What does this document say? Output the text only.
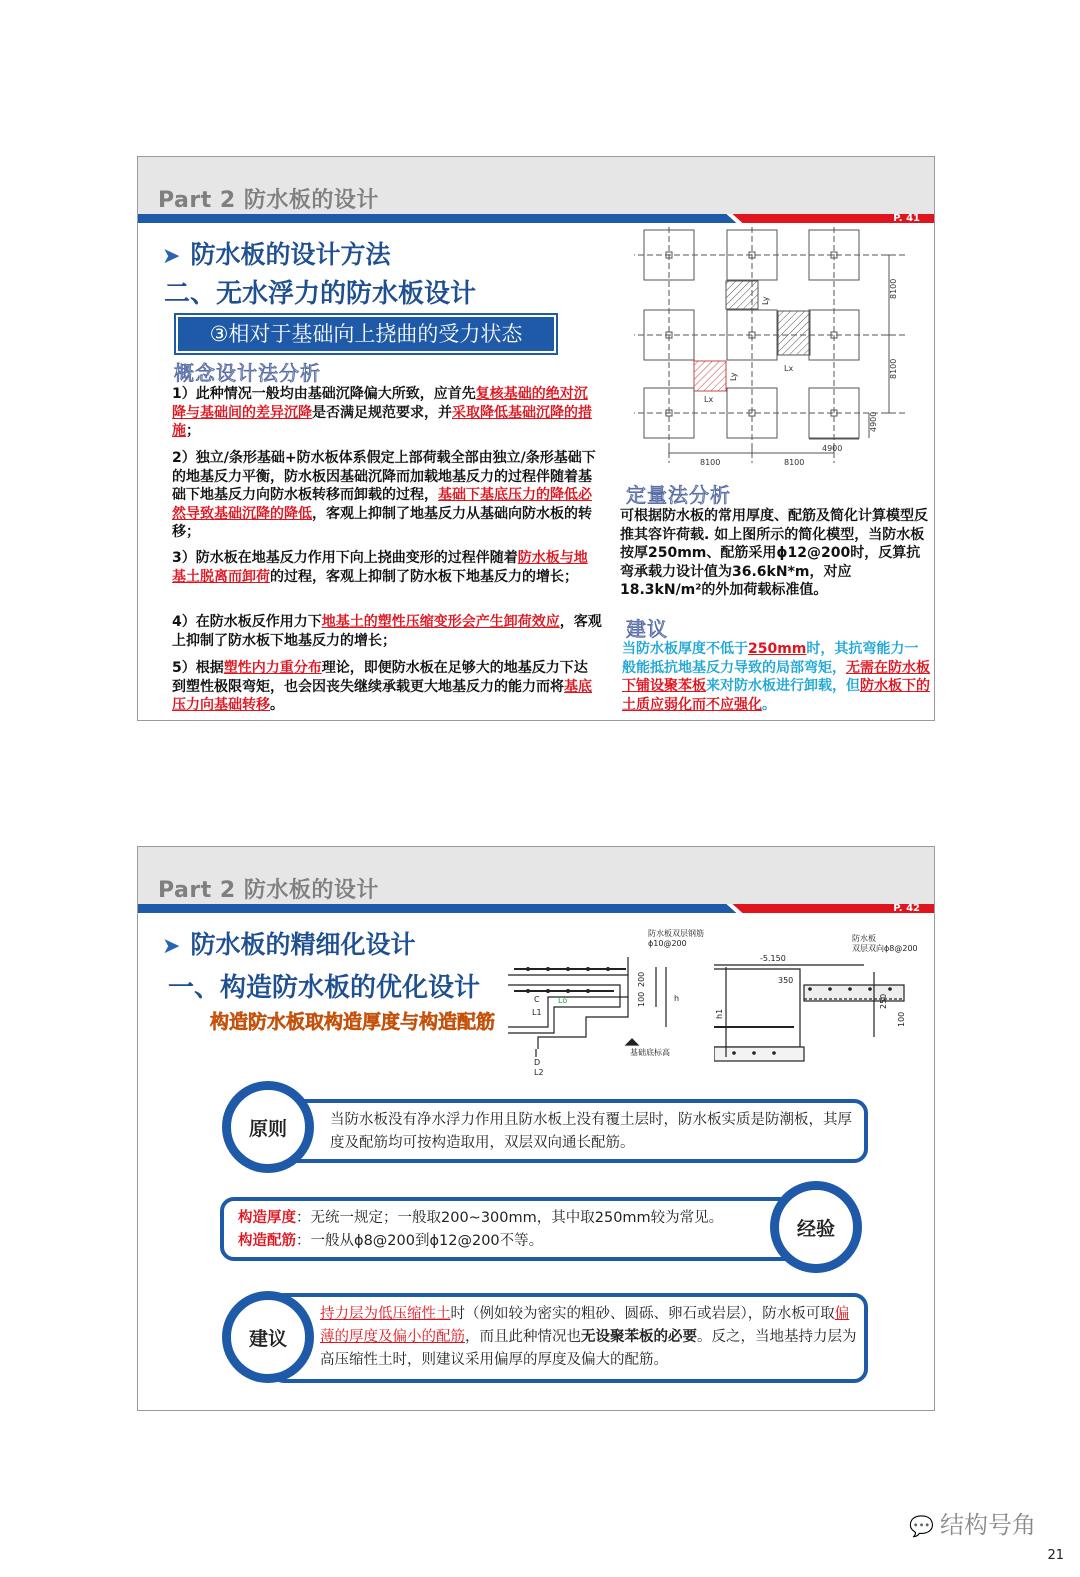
Part 2 防水板的设计
P. 41
➤ 防水板的设计方法
二、无水浮力的防水板设计
③相对于基础向上挠曲的受力状态
概念设计法分析
1）此种情况一般均由基础沉降偏大所致，应首先复核基础的绝对沉降与基础间的差异沉降是否满足规范要求，并采取降低基础沉降的措施；
2）独立/条形基础+防水板体系假定上部荷载全部由独立/条形基础下的地基反力平衡，防水板因基础沉降而加载地基反力的过程伴随着基础下地基反力向防水板转移而卸载的过程，基础下基底压力的降低必然导致基础沉降的降低，客观上抑制了地基反力从基础向防水板的转移；
3）防水板在地基反力作用下向上挠曲变形的过程伴随着防水板与地基土脱离而卸荷的过程，客观上抑制了防水板下地基反力的增长；
4）在防水板反作用力下地基土的塑性压缩变形会产生卸荷效应，客观上抑制了防水板下地基反力的增长；
5）根据塑性内力重分布理论，即便防水板在足够大的地基反力下达到塑性极限弯矩，也会因丧失继续承载更大地基反力的能力而将基底压力向基础转移。
8100
8100
4900
8100	8100
4900
Ly
Ly
Lx
Lx
定量法分析
可根据防水板的常用厚度、配筋及简化计算模型反推其容许荷载. 如上图所示的简化模型，当防水板按厚250mm、配筋采用ϕ12@200时，反算抗弯承载力设计值为36.6kN*m，对应18.3kN/m²的外加荷载标准值。
建议
当防水板厚度不低于250mm时，其抗弯能力一般能抵抗地基反力导致的局部弯矩，无需在防水板下铺设聚苯板来对防水板进行卸载，但防水板下的土质应弱化而不应强化。
Part 2 防水板的设计
P. 42
➤ 防水板的精细化设计
一、构造防水板的优化设计
构造防水板取构造厚度与构造配筋
防水板双层钢筋
ϕ10@200
200
100
C Lo
L1
D
L2
h
基础底标高
-5.150
防水板
双层双向ϕ8@200
350
250
100
h1
当防水板没有净水浮力作用且防水板上没有覆土层时，防水板实质是防潮板，其厚度及配筋均可按构造取用，双层双向通长配筋。
原则
构造厚度：无统一规定；一般取200~300mm，其中取250mm较为常见。
构造配筋：一般从ϕ8@200到ϕ12@200不等。
经验
持力层为低压缩性土时（例如较为密实的粗砂、圆砾、卵石或岩层），防水板可取偏薄的厚度及偏小的配筋，而且此种情况也无设聚苯板的必要。反之，当地基持力层为高压缩性土时，则建议采用偏厚的厚度及偏大的配筋。
建议
💬 结构号角
21
